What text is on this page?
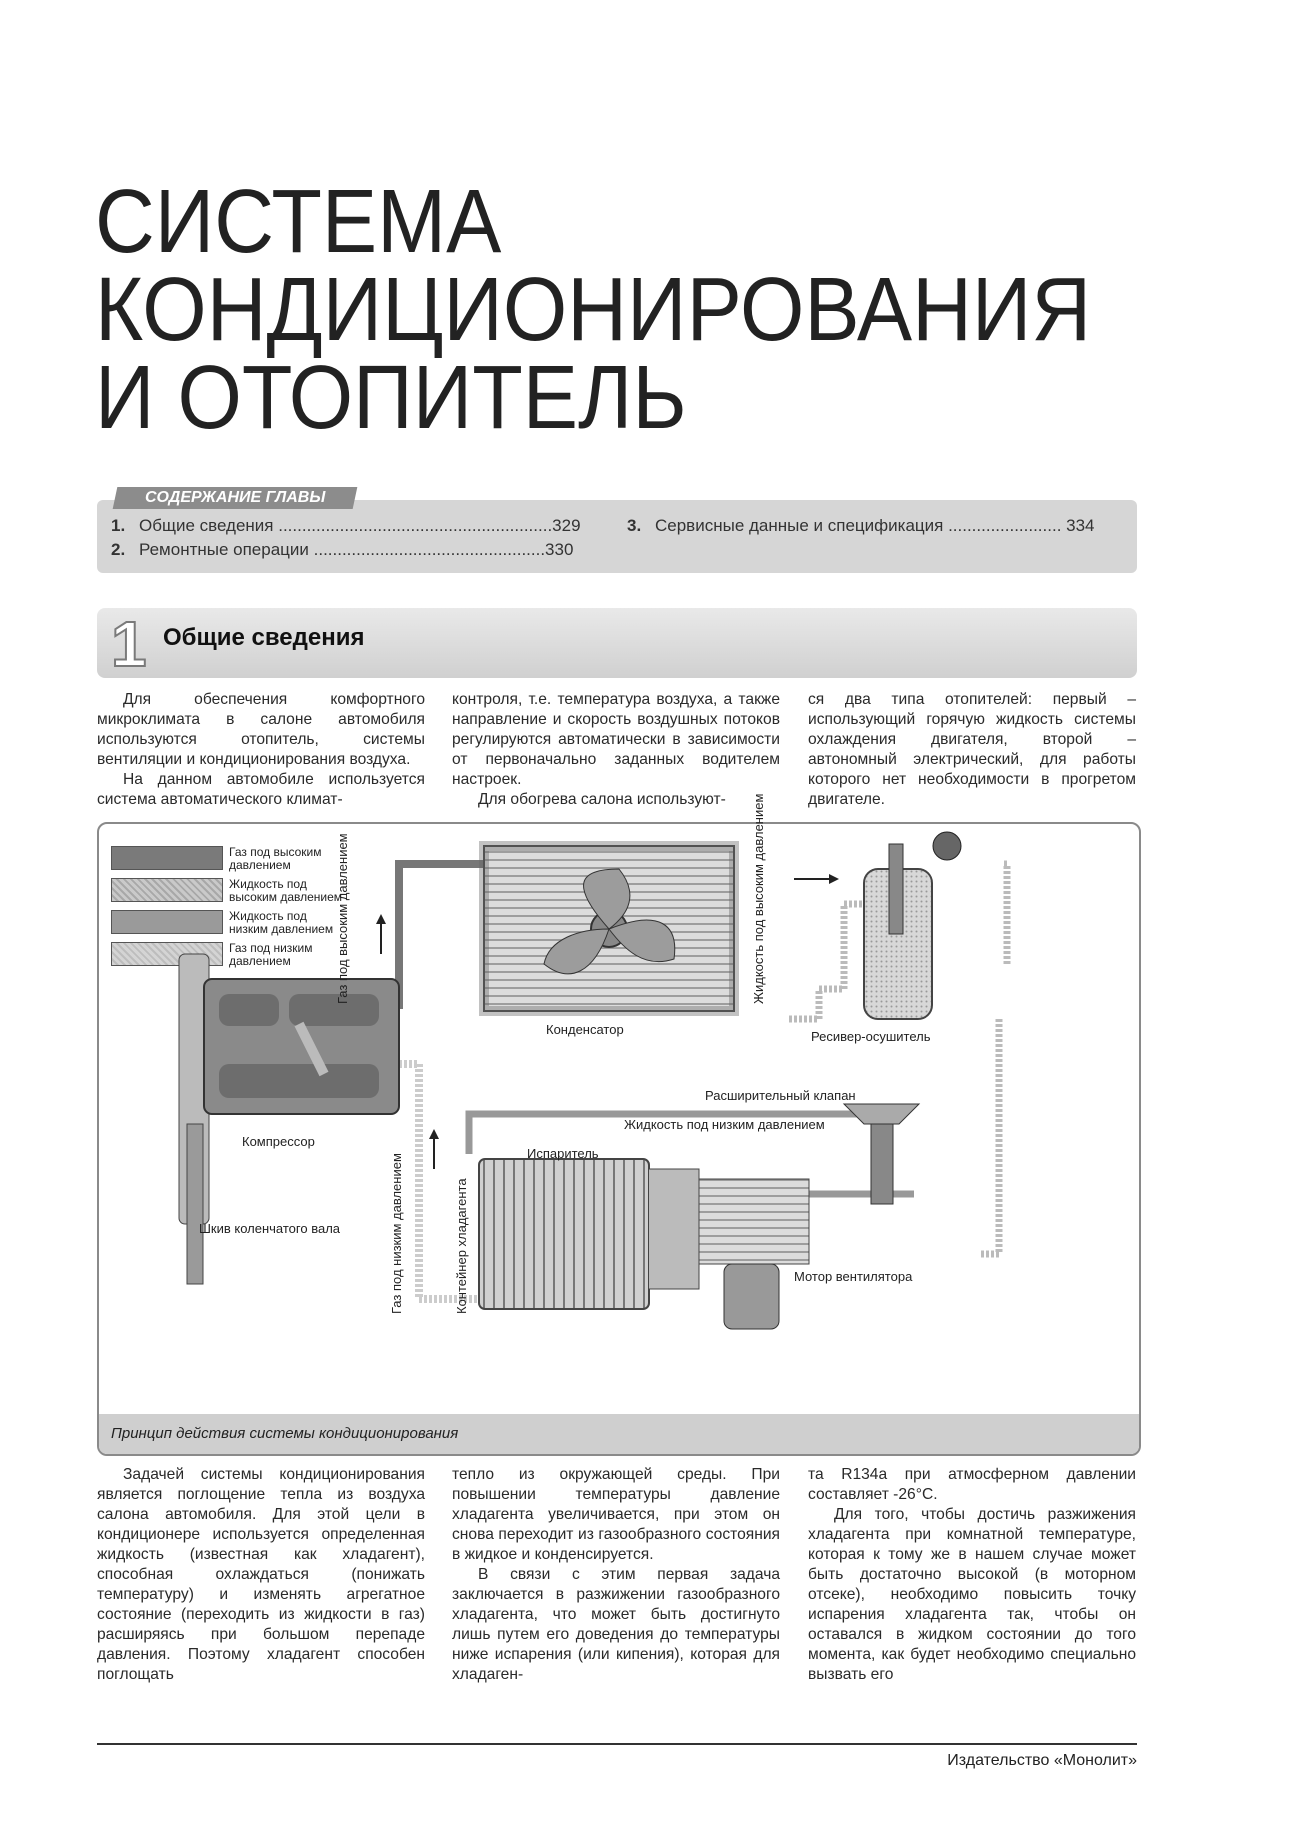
СИСТЕМА
КОНДИЦИОНИРОВАНИЯ
И ОТОПИТЕЛЬ
СОДЕРЖАНИЕ ГЛАВЫ
1. Общие сведения ..........................................................329
2. Ремонтные операции .................................................330
3. Сервисные данные и спецификация ........................ 334
1 Общие сведения

Для обеспечения комфортного микроклимата в салоне автомобиля используются отопитель, системы вентиляции и кондиционирования воздуха.

На данном автомобиле используется система автоматического климат-

контроля, т.е. температура воздуха, а также направление и скорость воздушных потоков регулируются автоматически в зависимости от первоначально заданных водителем настроек.

Для обогрева салона используют-

ся два типа отопителей: первый – использующий горячую жидкость системы охлаждения двигателя, второй – автономный электрический, для работы которого нет необходимости в прогретом двигателе.

Газ под высоким давлением
Жидкость под высоким давлением
Жидкость под низким давлением
Газ под низким давлением
Конденсатор	Ресивер-осушитель
Компрессор
Шкив коленчатого вала
Расширительный клапан
Жидкость под низким давлением
Испаритель
Мотор вентилятора
Газ под высоким давлением	Жидкость под высоким давлением
Газ под низким давлением	Контейнер хладагента
Принцип действия системы кондиционирования

Задачей системы кондиционирования является поглощение тепла из воздуха салона автомобиля. Для этой цели в кондиционере используется определенная жидкость (известная как хладагент), способная охлаждаться (понижать температуру) и изменять агрегатное состояние (переходить из жидкости в газ) расширяясь при большом перепаде давления. Поэтому хладагент способен поглощать

тепло из окружающей среды. При повышении температуры давление хладагента увеличивается, при этом он снова переходит из газообразного состояния в жидкое и конденсируется.

В связи с этим первая задача заключается в разжижении газообразного хладагента, что может быть достигнуто лишь путем его доведения до температуры ниже испарения (или кипения), которая для хладаген-

та R134a при атмосферном давлении составляет -26°С.

Для того, чтобы достичь разжижения хладагента при комнатной температуре, которая к тому же в нашем случае может быть достаточно высокой (в моторном отсеке), необходимо повысить точку испарения хладагента так, чтобы он оставался в жидком состоянии до того момента, как будет необходимо специально вызвать его

Издательство «Монолит»
